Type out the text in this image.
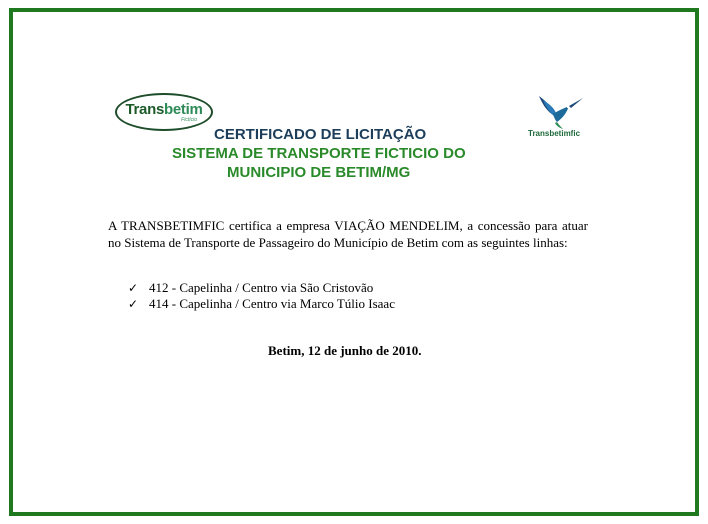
Transbetim
Fictício
Transbetimfic
CERTIFICADO DE LICITAÇÃO
SISTEMA DE TRANSPORTE FICTICIO DO
MUNICIPIO DE BETIM/MG
A TRANSBETIMFIC certifica a empresa VIAÇÃO MENDELIM, a concessão para atuar no Sistema de Transporte de Passageiro do Município de Betim com as seguintes linhas:
✓ 412 - Capelinha / Centro via São Cristovão
✓ 414 - Capelinha / Centro via Marco Túlio Isaac
Betim, 12 de junho de 2010.
